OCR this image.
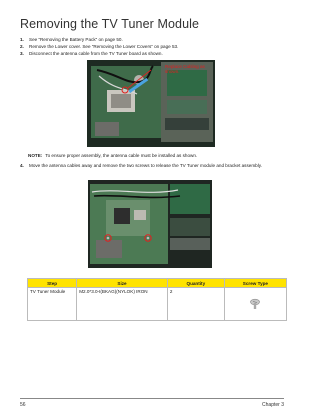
Removing the TV Tuner Module
1. See “Removing the Battery Pack” on page 50.
2. Remove the Lower cover. See “Removing the Lower Covers” on page 53.
3. Disconnect the antenna cable from the TV Tuner board as shown.
Replace Cabling as shown.
NOTE: To ensure proper assembly, the antenna cable must be installed as shown.
4. Move the antenna cables away and remove the two screws to release the TV Tuner module and bracket assembly.
Step	Size	Quantity	Screw Type
TV Tuner Module	M2.0*3.0-I(BKAG)(NYLOK) IRON	2	
56	Chapter 3
